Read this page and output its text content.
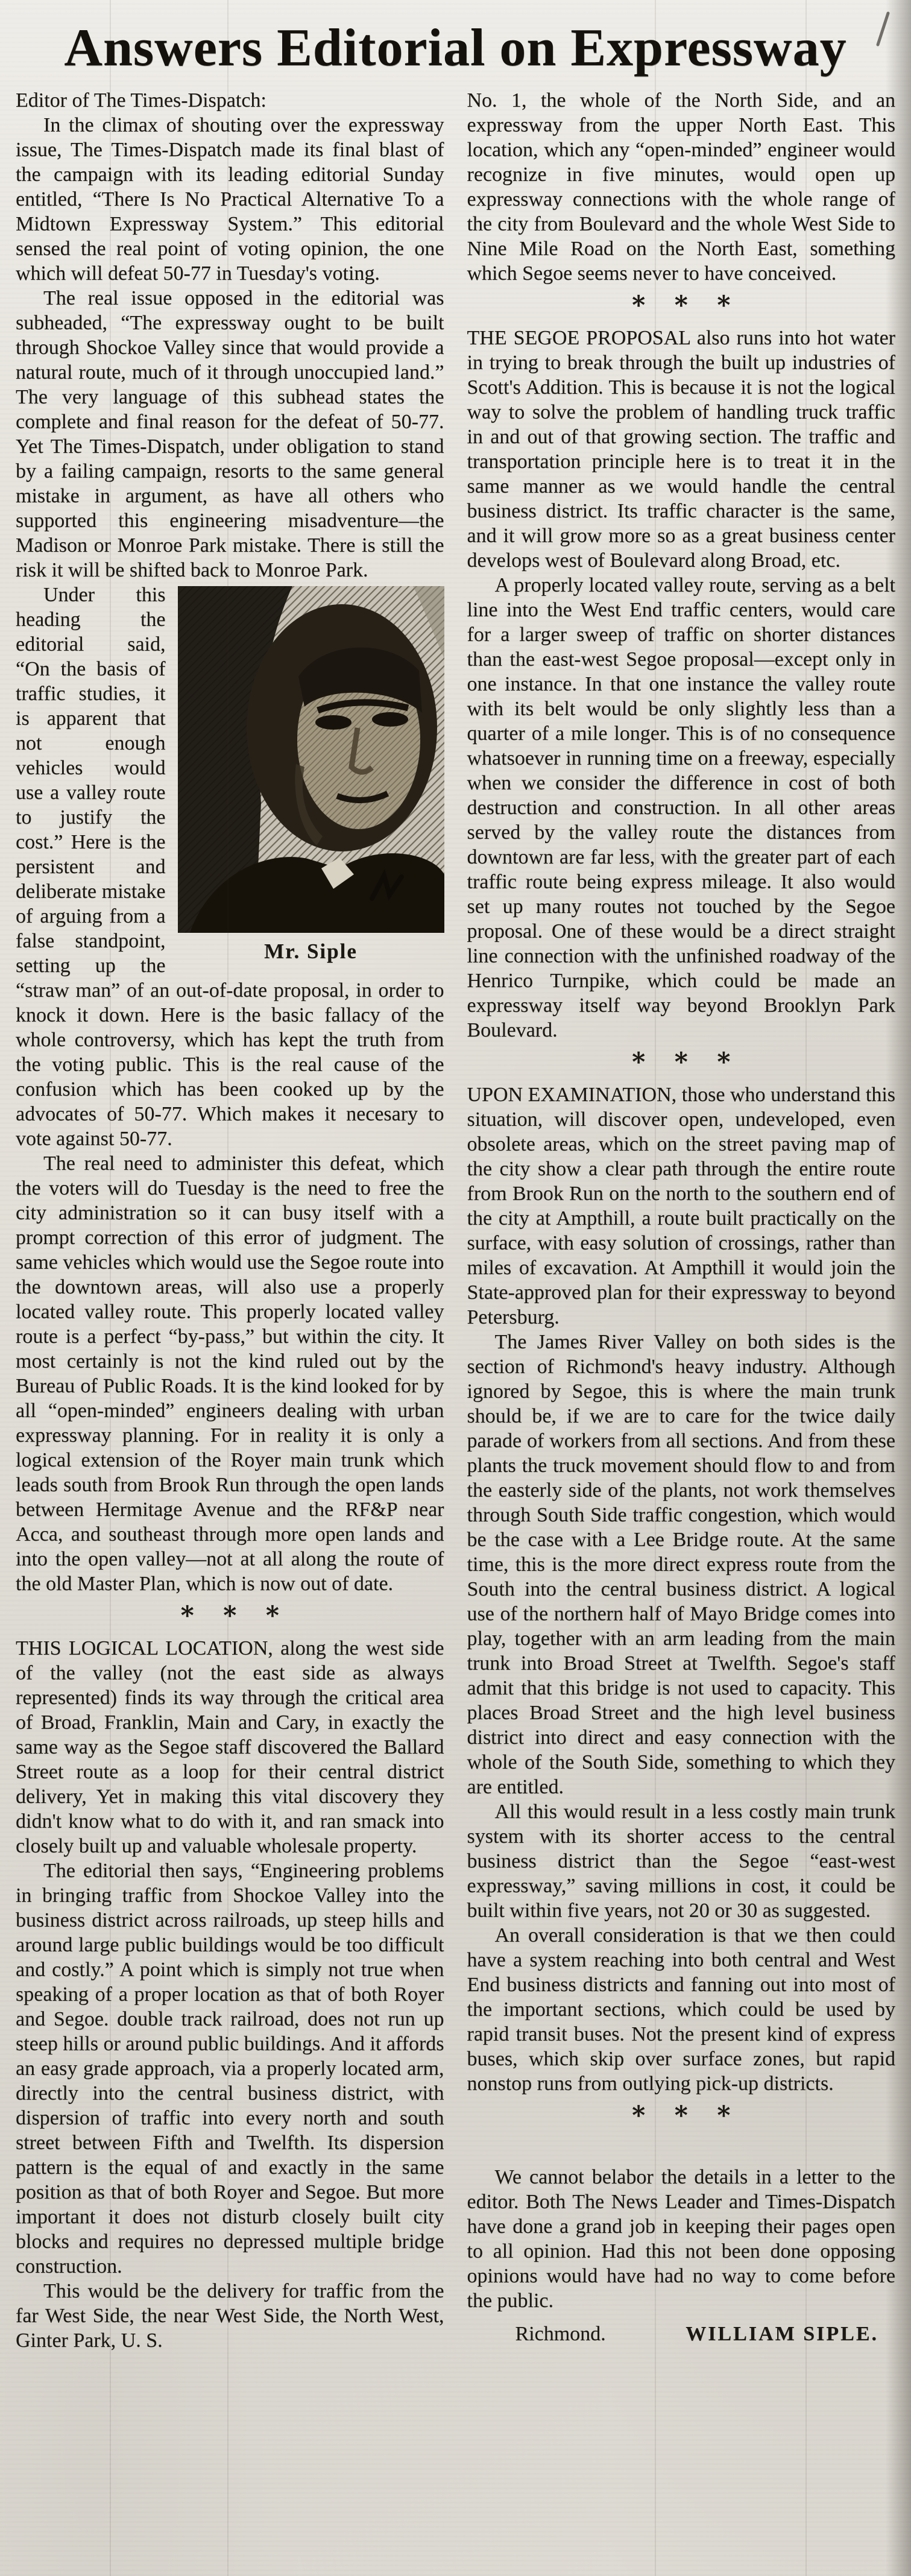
Answers Editorial on Expressway

Editor of The Times-Dispatch:

In the climax of shouting over the expressway issue, The Times-Dispatch made its final blast of the campaign with its leading editorial Sunday entitled, “There Is No Practical Alternative To a Midtown Expressway System.” This editorial sensed the real point of voting opinion, the one which will defeat 50-77 in Tuesday's voting.

The real issue opposed in the editorial was subheaded, “The expressway ought to be built through Shockoe Valley since that would provide a natural route, much of it through unoccupied land.” The very language of this subhead states the complete and final reason for the defeat of 50-77. Yet The Times-Dispatch, under obligation to stand by a failing campaign, resorts to the same general mistake in argument, as have all others who supported this engineering misadventure—the Madison or Monroe Park mistake. There is still the risk it will be shifted back to Monroe Park.

Mr. Siple

Under this heading the editorial said, “On the basis of traffic studies, it is apparent that not enough vehicles would use a valley route to justify the cost.” Here is the persistent and deliberate mistake of arguing from a false standpoint, setting up the “straw man” of an out-of-date proposal, in order to knock it down. Here is the basic fallacy of the whole controversy, which has kept the truth from the voting public. This is the real cause of the confusion which has been cooked up by the advocates of 50-77. Which makes it necesary to vote against 50-77.

The real need to administer this defeat, which the voters will do Tuesday is the need to free the city administration so it can busy itself with a prompt correction of this error of judgment. The same vehicles which would use the Segoe route into the downtown areas, will also use a properly located valley route. This properly located valley route is a perfect “by-pass,” but within the city. It most certainly is not the kind ruled out by the Bureau of Public Roads. It is the kind looked for by all “open-minded” engineers dealing with urban expressway planning. For in reality it is only a logical extension of the Royer main trunk which leads south from Brook Run through the open lands between Hermitage Avenue and the RF&P near Acca, and southeast through more open lands and into the open valley—not at all along the route of the old Master Plan, which is now out of date.

* * *

THIS LOGICAL LOCATION, along the west side of the valley (not the east side as always represented) finds its way through the critical area of Broad, Franklin, Main and Cary, in exactly the same way as the Segoe staff discovered the Ballard Street route as a loop for their central district delivery, Yet in making this vital discovery they didn't know what to do with it, and ran smack into closely built up and valuable wholesale property.

The editorial then says, “Engineering problems in bringing traffic from Shockoe Valley into the business district across railroads, up steep hills and around large public buildings would be too difficult and costly.” A point which is simply not true when speaking of a proper location as that of both Royer and Segoe. double track railroad, does not run up steep hills or around public buildings. And it affords an easy grade approach, via a properly located arm, directly into the central business district, with dispersion of traffic into every north and south street between Fifth and Twelfth. Its dispersion pattern is the equal of and exactly in the same position as that of both Royer and Segoe. But more important it does not disturb closely built city blocks and requires no depressed multiple bridge construction.

This would be the delivery for traffic from the far West Side, the near West Side, the North West, Ginter Park, U. S.

No. 1, the whole of the North Side, and an expressway from the upper North East. This location, which any “open-minded” engineer would recognize in five minutes, would open up expressway connections with the whole range of the city from Boulevard and the whole West Side to Nine Mile Road on the North East, something which Segoe seems never to have conceived.

* * *

THE SEGOE PROPOSAL also runs into hot water in trying to break through the built up industries of Scott's Addition. This is because it is not the logical way to solve the problem of handling truck traffic in and out of that growing section. The traffic and transportation principle here is to treat it in the same manner as we would handle the central business district. Its traffic character is the same, and it will grow more so as a great business center develops west of Boulevard along Broad, etc.

A properly located valley route, serving as a belt line into the West End traffic centers, would care for a larger sweep of traffic on shorter distances than the east-west Segoe proposal—except only in one instance. In that one instance the valley route with its belt would be only slightly less than a quarter of a mile longer. This is of no consequence whatsoever in running time on a freeway, especially when we consider the difference in cost of both destruction and construction. In all other areas served by the valley route the distances from downtown are far less, with the greater part of each traffic route being express mileage. It also would set up many routes not touched by the Segoe proposal. One of these would be a direct straight line connection with the unfinished roadway of the Henrico Turnpike, which could be made an expressway itself way beyond Brooklyn Park Boulevard.

* * *

UPON EXAMINATION, those who understand this situation, will discover open, undeveloped, even obsolete areas, which on the street paving map of the city show a clear path through the entire route from Brook Run on the north to the southern end of the city at Ampthill, a route built practically on the surface, with easy solution of crossings, rather than miles of excavation. At Ampthill it would join the State-approved plan for their expressway to beyond Petersburg.

The James River Valley on both sides is the section of Richmond's heavy industry. Although ignored by Segoe, this is where the main trunk should be, if we are to care for the twice daily parade of workers from all sections. And from these plants the truck movement should flow to and from the easterly side of the plants, not work themselves through South Side traffic congestion, which would be the case with a Lee Bridge route. At the same time, this is the more direct express route from the South into the central business district. A logical use of the northern half of Mayo Bridge comes into play, together with an arm leading from the main trunk into Broad Street at Twelfth. Segoe's staff admit that this bridge is not used to capacity. This places Broad Street and the high level business district into direct and easy connection with the whole of the South Side, something to which they are entitled.

All this would result in a less costly main trunk system with its shorter access to the central business district than the Segoe “east-west expressway,” saving millions in cost, it could be built within five years, not 20 or 30 as suggested.

An overall consideration is that we then could have a system reaching into both central and West End business districts and fanning out into most of the important sections, which could be used by rapid transit buses. Not the present kind of express buses, which skip over surface zones, but rapid nonstop runs from outlying pick-up districts.

* * *

We cannot belabor the details in a letter to the editor. Both The News Leader and Times-Dispatch have done a grand job in keeping their pages open to all opinion. Had this not been done opposing opinions would have had no way to come before the public.

Richmond.	WILLIAM SIPLE.
